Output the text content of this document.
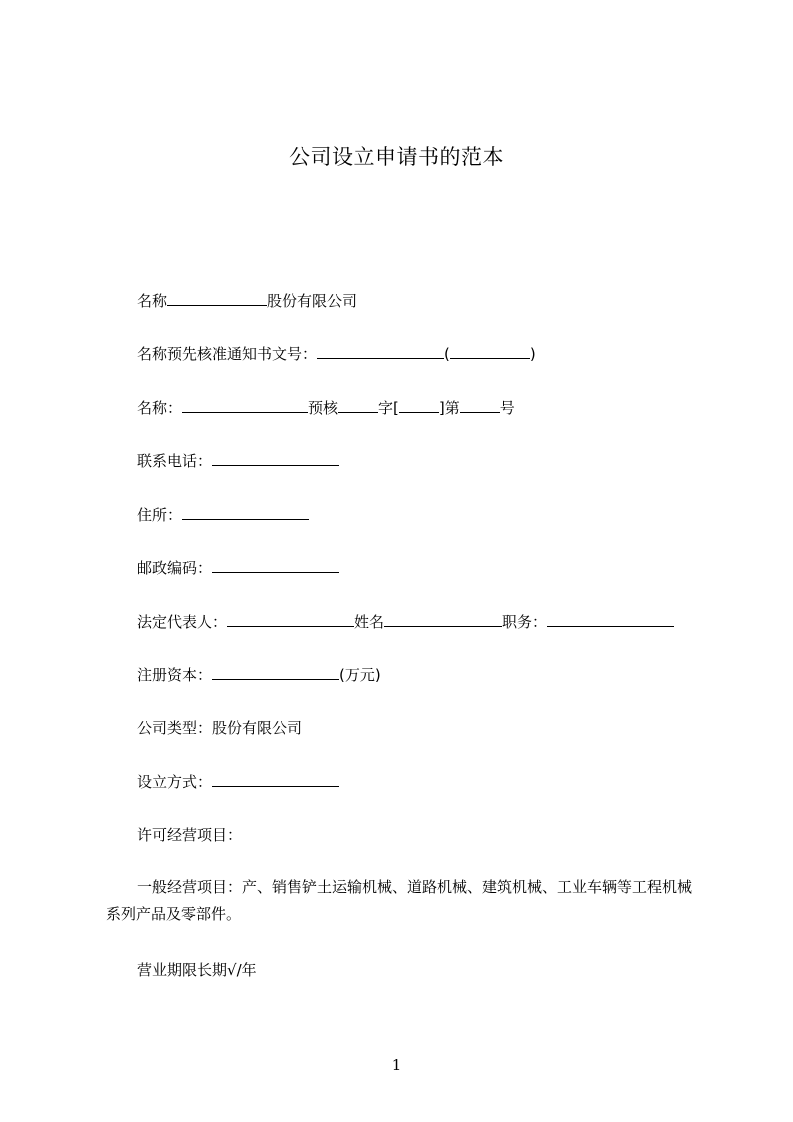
公司设立申请书的范本
名称	股份有限公司
名称预先核准通知书文号：	(	)
名称：	预核	字[	]第	号
联系电话：
住所：
邮政编码：
法定代表人：	姓名	职务：
注册资本：	(万元)
公司类型：股份有限公司
设立方式：
许可经营项目：
一般经营项目：产、销售铲土运输机械、道路机械、建筑机械、工业车辆等工程机械系列产品及零部件。
营业期限长期√/年
1
